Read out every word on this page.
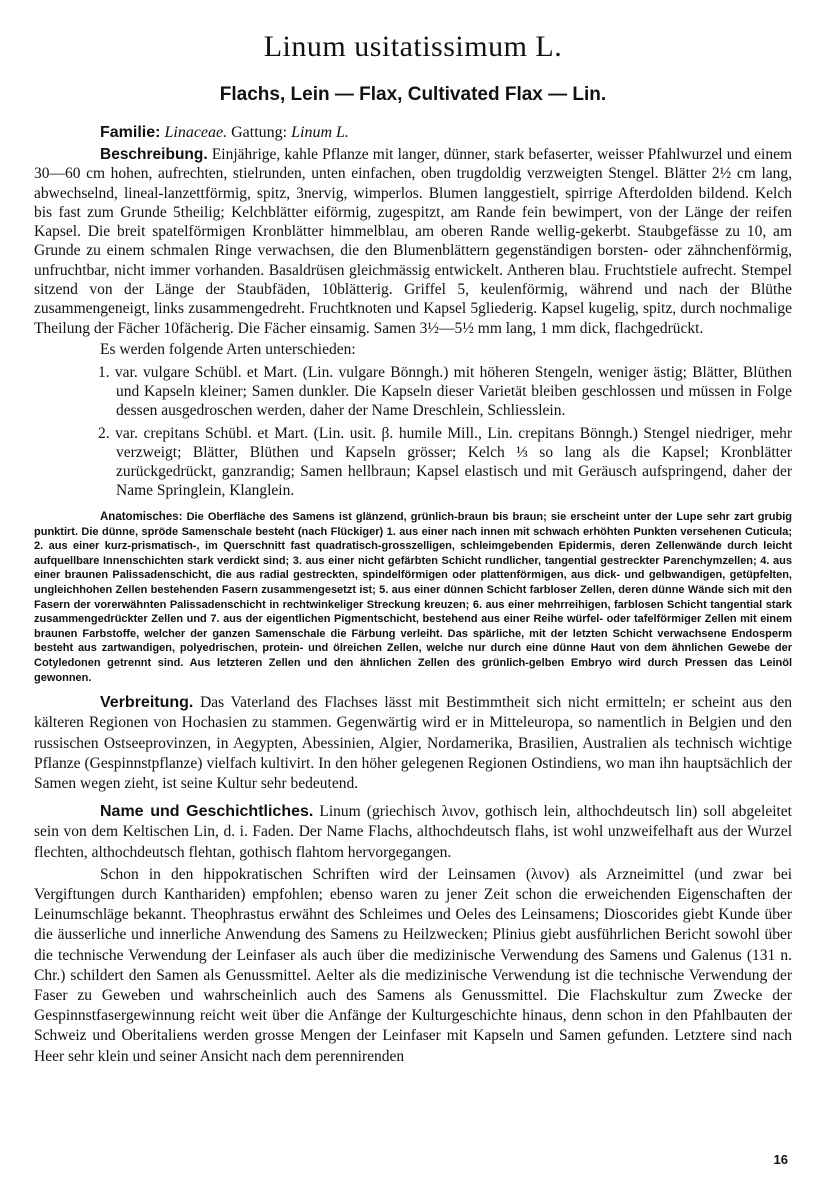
Linum usitatissimum L.
Flachs, Lein — Flax, Cultivated Flax — Lin.

Familie: Linaceae. Gattung: Linum L.

Beschreibung. Einjährige, kahle Pflanze mit langer, dünner, stark befaserter, weisser Pfahlwurzel und einem 30—60 cm hohen, aufrechten, stielrunden, unten einfachen, oben trugdoldig verzweigten Stengel. Blätter 2½ cm lang, abwechselnd, lineal-lanzettförmig, spitz, 3nervig, wimperlos. Blumen langgestielt, spirrige Afterdolden bildend. Kelch bis fast zum Grunde 5theilig; Kelchblätter eiförmig, zugespitzt, am Rande fein bewimpert, von der Länge der reifen Kapsel. Die breit spatelförmigen Kronblätter himmelblau, am oberen Rande wellig-gekerbt. Staubgefässe zu 10, am Grunde zu einem schmalen Ringe verwachsen, die den Blumenblättern gegenständigen borsten- oder zähnchenförmig, unfruchtbar, nicht immer vorhanden. Basaldrüsen gleichmässig entwickelt. Antheren blau. Fruchtstiele aufrecht. Stempel sitzend von der Länge der Staubfäden, 10blätterig. Griffel 5, keulenförmig, während und nach der Blüthe zusammengeneigt, links zusammengedreht. Fruchtknoten und Kapsel 5gliederig. Kapsel kugelig, spitz, durch nochmalige Theilung der Fächer 10fächerig. Die Fächer einsamig. Samen 3½—5½ mm lang, 1 mm dick, flachgedrückt.

Es werden folgende Arten unterschieden:

1. var. vulgare Schübl. et Mart. (Lin. vulgare Bönngh.) mit höheren Stengeln, weniger ästig; Blätter, Blüthen und Kapseln kleiner; Samen dunkler. Die Kapseln dieser Varietät bleiben geschlossen und müssen in Folge dessen ausgedroschen werden, daher der Name Dreschlein, Schliesslein.

2. var. crepitans Schübl. et Mart. (Lin. usit. β. humile Mill., Lin. crepitans Bönngh.) Stengel niedriger, mehr verzweigt; Blätter, Blüthen und Kapseln grösser; Kelch ⅓ so lang als die Kapsel; Kronblätter zurückgedrückt, ganzrandig; Samen hellbraun; Kapsel elastisch und mit Geräusch aufspringend, daher der Name Springlein, Klanglein.

Anatomisches: Die Oberfläche des Samens ist glänzend, grünlich-braun bis braun; sie erscheint unter der Lupe sehr zart grubig punktirt. Die dünne, spröde Samenschale besteht (nach Flückiger) 1. aus einer nach innen mit schwach erhöhten Punkten versehenen Cuticula; 2. aus einer kurz-prismatisch-, im Querschnitt fast quadratisch-grosszelligen, schleimgebenden Epidermis, deren Zellenwände durch leicht aufquellbare Innenschichten stark verdickt sind; 3. aus einer nicht gefärbten Schicht rundlicher, tangential gestreckter Parenchymzellen; 4. aus einer braunen Palissadenschicht, die aus radial gestreckten, spindelförmigen oder plattenförmigen, aus dick- und gelbwandigen, getüpfelten, ungleichhohen Zellen bestehenden Fasern zusammengesetzt ist; 5. aus einer dünnen Schicht farbloser Zellen, deren dünne Wände sich mit den Fasern der vorerwähnten Palissadenschicht in rechtwinkeliger Streckung kreuzen; 6. aus einer mehrreihigen, farblosen Schicht tangential stark zusammengedrückter Zellen und 7. aus der eigentlichen Pigmentschicht, bestehend aus einer Reihe würfel- oder tafelförmiger Zellen mit einem braunen Farbstoffe, welcher der ganzen Samenschale die Färbung verleiht. Das spärliche, mit der letzten Schicht verwachsene Endosperm besteht aus zartwandigen, polyedrischen, protein- und ölreichen Zellen, welche nur durch eine dünne Haut von dem ähnlichen Gewebe der Cotyledonen getrennt sind. Aus letzteren Zellen und den ähnlichen Zellen des grünlich-gelben Embryo wird durch Pressen das Leinöl gewonnen.

Verbreitung. Das Vaterland des Flachses lässt mit Bestimmtheit sich nicht ermitteln; er scheint aus den kälteren Regionen von Hochasien zu stammen. Gegenwärtig wird er in Mitteleuropa, so namentlich in Belgien und den russischen Ostseeprovinzen, in Aegypten, Abessinien, Algier, Nordamerika, Brasilien, Australien als technisch wichtige Pflanze (Gespinnstpflanze) vielfach kultivirt. In den höher gelegenen Regionen Ostindiens, wo man ihn hauptsächlich der Samen wegen zieht, ist seine Kultur sehr bedeutend.

Name und Geschichtliches. Linum (griechisch λινον, gothisch lein, althochdeutsch lin) soll abgeleitet sein von dem Keltischen Lin, d. i. Faden. Der Name Flachs, althochdeutsch flahs, ist wohl unzweifelhaft aus der Wurzel flechten, althochdeutsch flehtan, gothisch flahtom hervorgegangen.

Schon in den hippokratischen Schriften wird der Leinsamen (λινον) als Arzneimittel (und zwar bei Vergiftungen durch Kanthariden) empfohlen; ebenso waren zu jener Zeit schon die erweichenden Eigenschaften der Leinumschläge bekannt. Theophrastus erwähnt des Schleimes und Oeles des Leinsamens; Dioscorides giebt Kunde über die äusserliche und innerliche Anwendung des Samens zu Heilzwecken; Plinius giebt ausführlichen Bericht sowohl über die technische Verwendung der Leinfaser als auch über die medizinische Verwendung des Samens und Galenus (131 n. Chr.) schildert den Samen als Genussmittel. Aelter als die medizinische Verwendung ist die technische Verwendung der Faser zu Geweben und wahrscheinlich auch des Samens als Genussmittel. Die Flachskultur zum Zwecke der Gespinnstfasergewinnung reicht weit über die Anfänge der Kulturgeschichte hinaus, denn schon in den Pfahlbauten der Schweiz und Oberitaliens werden grosse Mengen der Leinfaser mit Kapseln und Samen gefunden. Letztere sind nach Heer sehr klein und seiner Ansicht nach dem perennirenden

16
